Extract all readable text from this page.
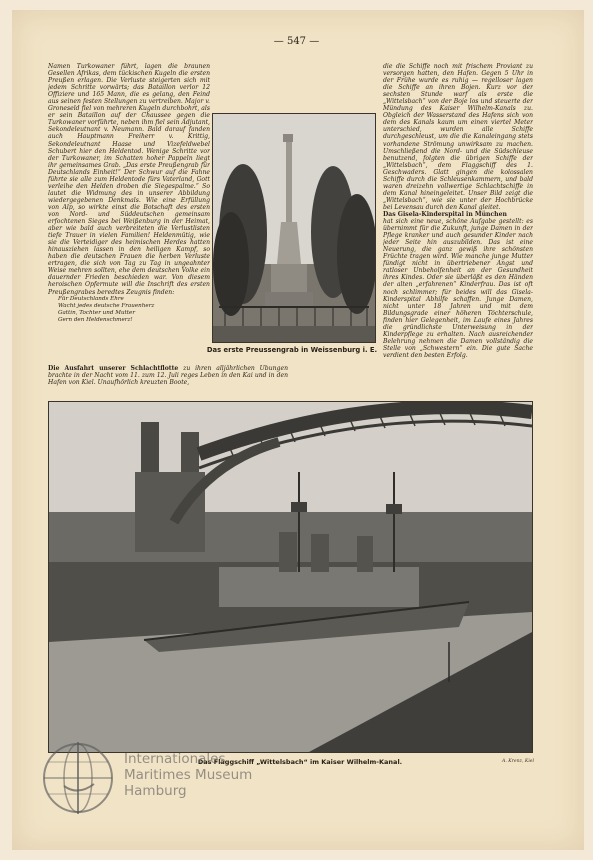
— 547 —

Namen Turkowaner führt, lagen die braunen Gesellen Afrikas, dem tückischen Kugeln die ersten Preußen erlagen. Die Verluste steigerten sich mit jedem Schritte vorwärts; das Bataillon verlor 12 Offiziere und 165 Mann, die es gelang, den Feind aus seinen festen Stellungen zu vertreiben. Major v. Groneseld fiel von mehreren Kugeln durchbohrt, als er sein Bataillon auf der Chaussee gegen die Turkowaner vorführte, neben ihm fiel sein Adjutant, Sekondeleutnant v. Neumann. Bald darauf fanden auch Hauptmann Freiherr v. Krittig, Sekondeleutnant Haase und Vizefeldwebel Schubert hier den Heldentod. Wenige Schritte vor der Turkowaner, im Schatten hoher Pappeln liegt ihr gemeinsames Grab. „Das erste Preußengrab für Deutschlands Einheit!“ Der Schwur auf die Fahne führte sie alle zum Heldentode fürs Vaterland, Gott verleihe den Helden droben die Siegespalme.“ So lautet die Widmung des in unserer Abbildung wiedergegebenen Denkmals. Wie eine Erfüllung von Alp, so wirkte einst die Botschaft des ersten von Nord- und Süddeutschen gemeinsam erfochtenen Sieges bei Weißenburg in der Heimat, aber wie bald auch verbreiteten die Verlustlisten tiefe Trauer in vielen Familien! Heldenmütig, wie sie die Verteidiger des heimischen Herdes hatten hinausziehen lassen in den heiligen Kampf, so haben die deutschen Frauen die herben Verluste ertragen, die sich von Tag zu Tag in ungeahnter Weise mehren sollten, ehe dem deutschen Volke ein dauernder Frieden beschieden war. Von diesem heroischen Opfermute will die Inschrift des ersten Preußengrabes beredtes Zeugnis finden:

Für Deutschlands Ehre
Wacht jedes deutsche Frauenherz
Gattin, Tochter und Mutter
Gern den Heldenschmerz!
Das erste Preussengrab in Weissenburg i. E.

die die Schiffe noch mit frischem Proviant zu versorgen hatten, den Hafen. Gegen 5 Uhr in der Frühe wurde es ruhig — regelloser lagen die Schiffe an ihren Bojen. Kurz vor der sechsten Stunde warf als erste die „Wittelsbach“ von der Boje los und steuerte der Mündung des Kaiser Wilhelm-Kanals zu. Obgleich der Wasserstand des Hafens sich von dem des Kanals kaum um einen viertel Meter unterschied, wurden alle Schiffe durchgeschleust, um die die Kanaleingang stets vorhandene Strömung unwirksam zu machen. Umschließend die Nord- und die Südschleuse benutzend, folgten die übrigen Schiffe der „Wittelsbach“, dem Flaggschiff des 1. Geschwaders. Glatt gingen die kolossalen Schiffe durch die Schleusenkammern, und bald waren dreizehn vollwertige Schlachtschiffe in dem Kanal hineingeleitet. Unser Bild zeigt die „Wittelsbach“, wie sie unter der Hochbrücke bei Levensau durch den Kanal gleitet.

Das Gisela-Kinderspital in München

hat sich eine neue, schöne Aufgabe gestellt: es übernimmt für die Zukunft, junge Damen in der Pflege kranker und auch gesunder Kinder nach jeder Seite hin auszubilden. Das ist eine Neuerung, die ganz gewiß ihre schönsten Früchte tragen wird. Wie manche junge Mutter fündigt nicht in übertriebener Angst und ratloser Unbeholfenheit an der Gesundheit ihres Kindes. Oder sie überläßt es den Händen der alten „erfahrenen“ Kinderfrau. Das ist oft noch schlimmer; für beides will das Gisela-Kinderspital Abhilfe schaffen. Junge Damen, nicht unter 18 Jahren und mit dem Bildungsgrade einer höheren Töchterschule, finden hier Gelegenheit, im Laufe eines Jahres die gründlichste Unterweisung in der Kinderpflege zu erhalten. Nach ausreichender Belehrung nehmen die Damen vollständig die Stelle von „Schwestern“ ein. Die gute Sache verdient den besten Erfolg.

Die Ausfahrt unserer Schlachtflotte zu ihren alljährlichen Übungen brachte in der Nacht vom 11. zum 12. Juli reges Leben in den Kai und in den Hafen von Kiel. Unaufhörlich kreuzten Boote,

Das Flaggschiff „Wittelsbach“ im Kaiser Wilhelm-Kanal.	A. Krenz, Kiel
Internationales
Maritimes Museum
Hamburg
